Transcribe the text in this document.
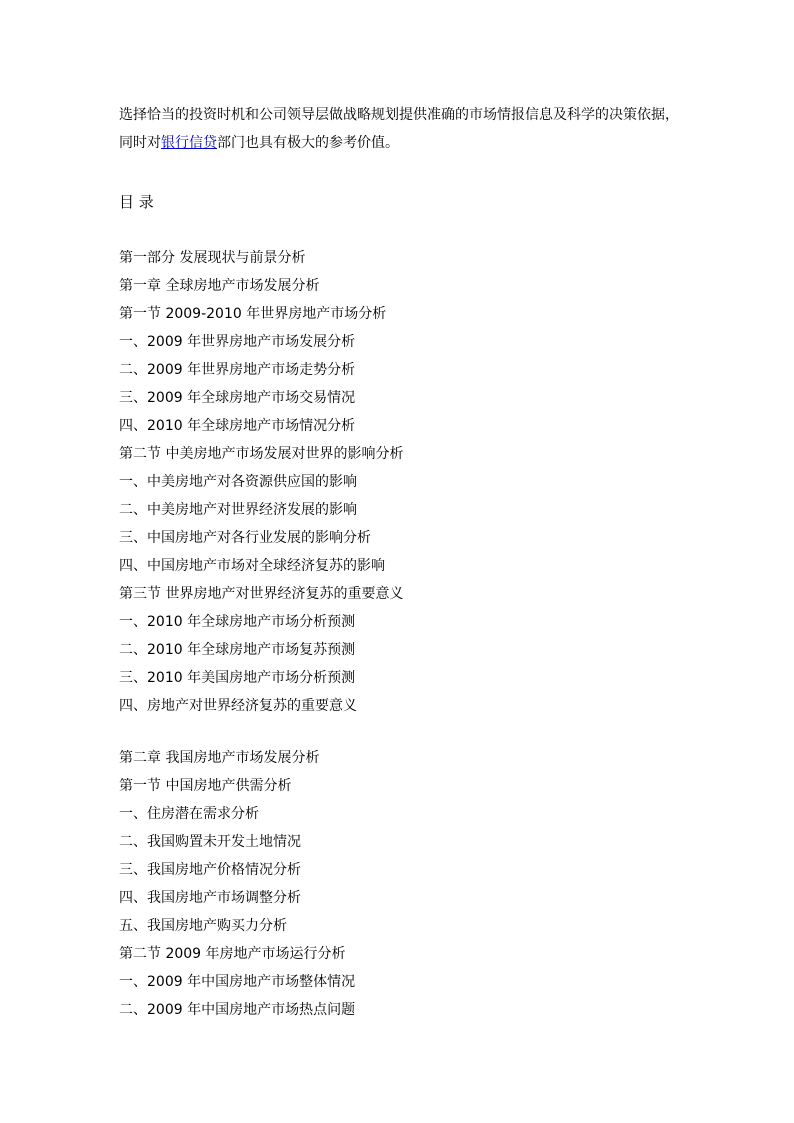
选择恰当的投资时机和公司领导层做战略规划提供准确的市场情报信息及科学的决策依据，
同时对银行信贷部门也具有极大的参考价值。
目 录
第一部分 发展现状与前景分析
第一章 全球房地产市场发展分析
第一节 2009-2010 年世界房地产市场分析
一、2009 年世界房地产市场发展分析
二、2009 年世界房地产市场走势分析
三、2009 年全球房地产市场交易情况
四、2010 年全球房地产市场情况分析
第二节 中美房地产市场发展对世界的影响分析
一、中美房地产对各资源供应国的影响
二、中美房地产对世界经济发展的影响
三、中国房地产对各行业发展的影响分析
四、中国房地产市场对全球经济复苏的影响
第三节 世界房地产对世界经济复苏的重要意义
一、2010 年全球房地产市场分析预测
二、2010 年全球房地产市场复苏预测
三、2010 年美国房地产市场分析预测
四、房地产对世界经济复苏的重要意义
第二章 我国房地产市场发展分析
第一节 中国房地产供需分析
一、住房潜在需求分析
二、我国购置未开发土地情况
三、我国房地产价格情况分析
四、我国房地产市场调整分析
五、我国房地产购买力分析
第二节 2009 年房地产市场运行分析
一、2009 年中国房地产市场整体情况
二、2009 年中国房地产市场热点问题
